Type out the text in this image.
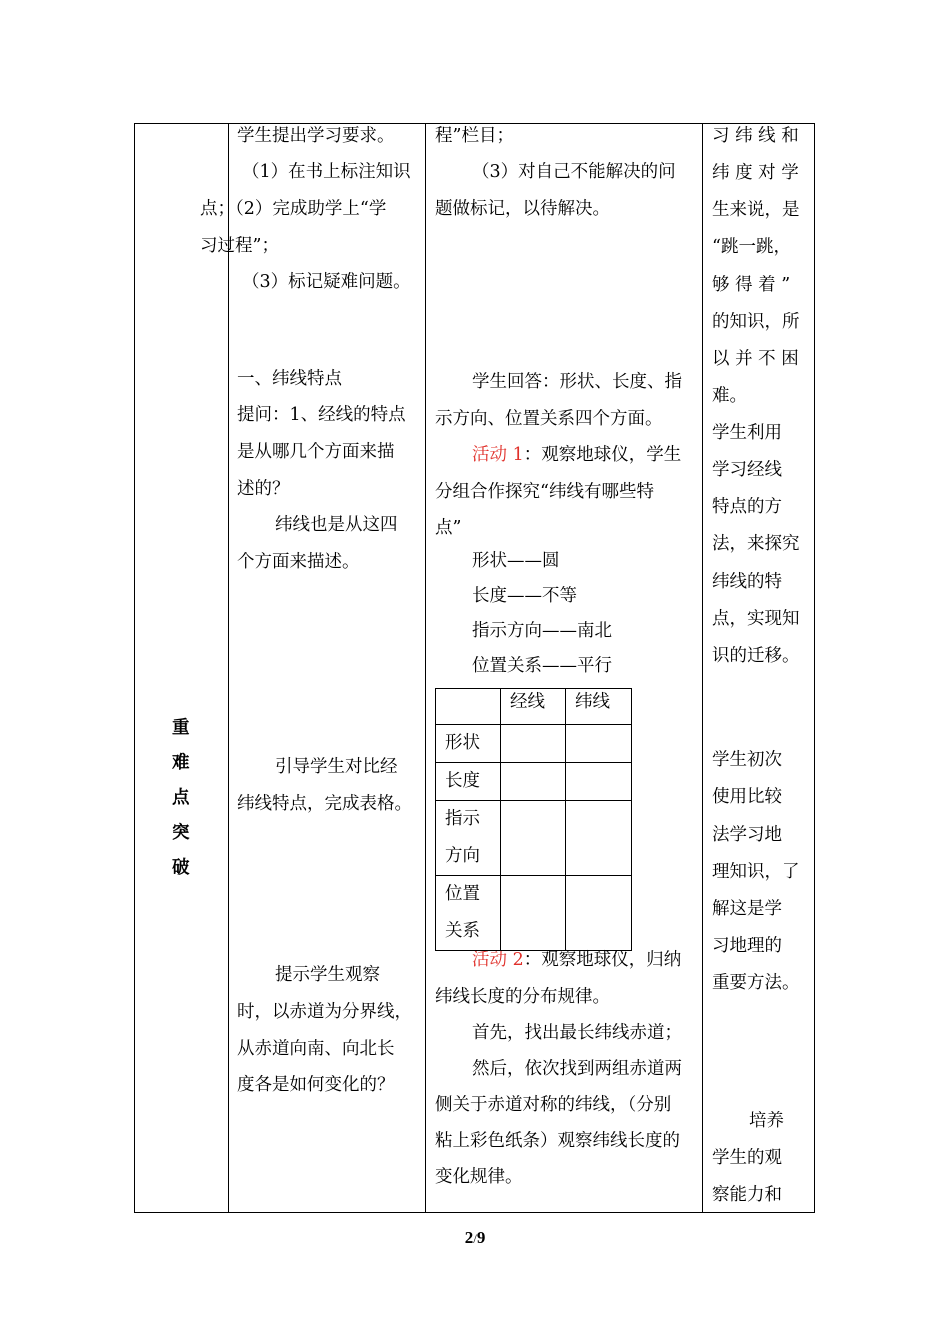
重
难
点
突
破
学生提出学习要求。
（1）在书上标注知识
点；（2）完成助学上“学
习过程”；
（3）标记疑难问题。
一、纬线特点
提问：1、经线的特点
是从哪几个方面来描
述的？
纬线也是从这四
个方面来描述。
引导学生对比经
纬线特点，完成表格。
提示学生观察
时，以赤道为分界线，
从赤道向南、向北长
度各是如何变化的？
程”栏目；
（3）对自己不能解决的问
题做标记，以待解决。
学生回答：形状、长度、指
示方向、位置关系四个方面。
活动 1：观察地球仪，学生
分组合作探究“纬线有哪些特
点”
形状——圆
长度——不等
指示方向——南北
位置关系——平行
活动 2：观察地球仪，归纳
纬线长度的分布规律。
首先，找出最长纬线赤道；
然后，依次找到两组赤道两
侧关于赤道对称的纬线，（分别
粘上彩色纸条）观察纬线长度的
变化规律。

	经线	纬线

形状		

长度		

指示
方向		

位置
关系		

习 纬 线 和
纬 度 对 学
生来说，是
“跳一跳，
够 得 着 ”
的知识，所
以 并 不 困
难。
学生利用
学习经线
特点的方
法，来探究
纬线的特
点，实现知
识的迁移。
学生初次
使用比较
法学习地
理知识，了
解这是学
习地理的
重要方法。
培养
学生的观
察能力和
2/9
